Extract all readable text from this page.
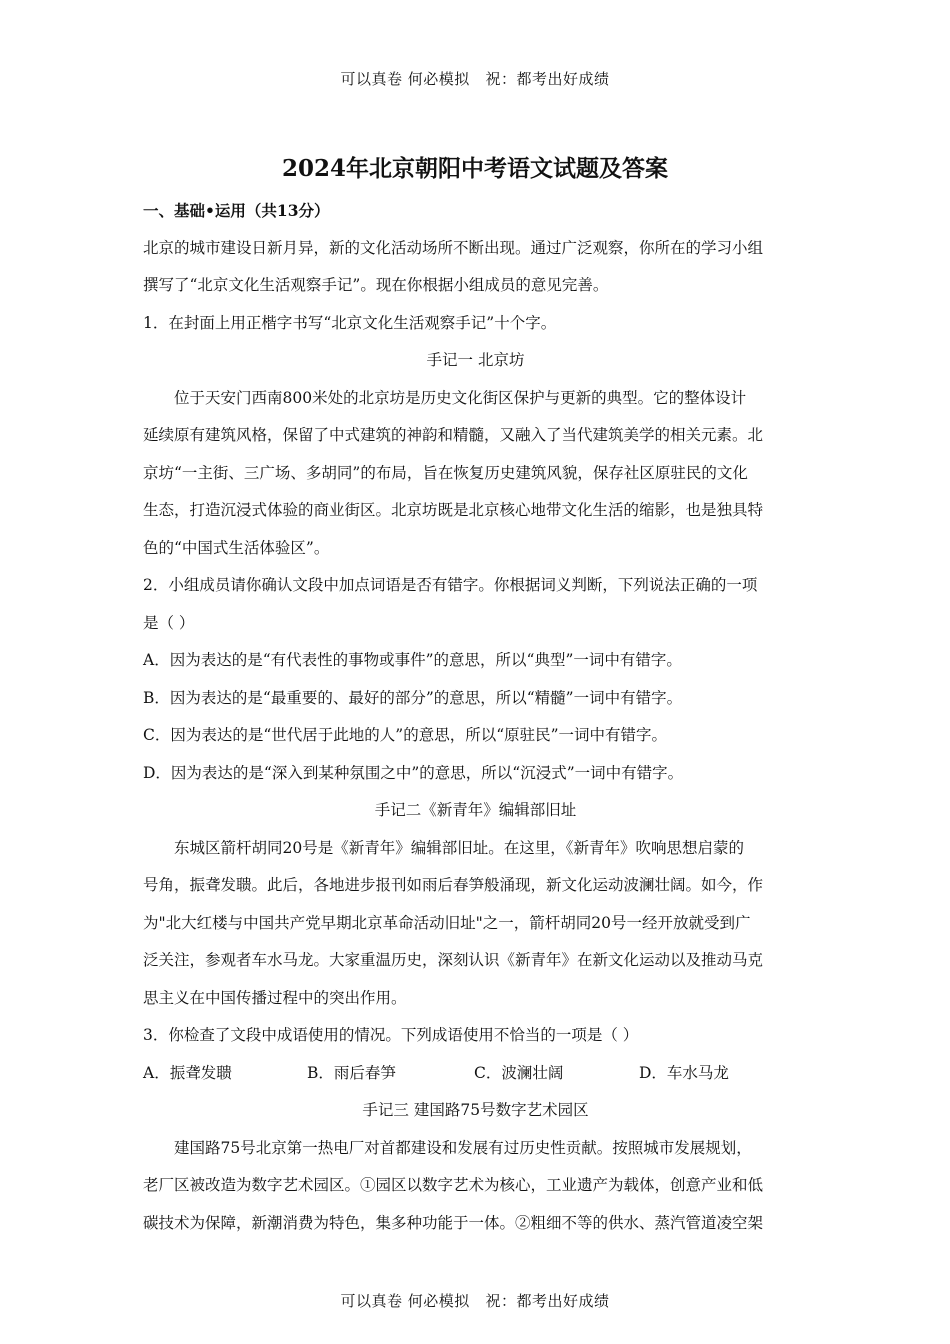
可以真卷 何必模拟   祝：都考出好成绩
2024年北京朝阳中考语文试题及答案
一、基础•运用（共13分）
北京的城市建设日新月异，新的文化活动场所不断出现。通过广泛观察，你所在的学习小组
撰写了“北京文化生活观察手记”。现在你根据小组成员的意见完善。
1．在封面上用正楷字书写“北京文化生活观察手记”十个字。
手记一 北京坊
位于天安门西南800米处的北京坊是历史文化街区保护与更新的典型。它的整体设计
延续原有建筑风格，保留了中式建筑的神韵和精髓，又融入了当代建筑美学的相关元素。北
京坊“一主街、三广场、多胡同”的布局，旨在恢复历史建筑风貌，保存社区原驻民的文化
生态，打造沉浸式体验的商业街区。北京坊既是北京核心地带文化生活的缩影，也是独具特
色的“中国式生活体验区”。
2．小组成员请你确认文段中加点词语是否有错字。你根据词义判断，下列说法正确的一项
是（ ）
A．因为表达的是“有代表性的事物或事件”的意思，所以“典型”一词中有错字。
B．因为表达的是“最重要的、最好的部分”的意思，所以“精髓”一词中有错字。
C．因为表达的是“世代居于此地的人”的意思，所以“原驻民”一词中有错字。
D．因为表达的是“深入到某种氛围之中”的意思，所以“沉浸式”一词中有错字。
手记二《新青年》编辑部旧址
东城区箭杆胡同20号是《新青年》编辑部旧址。在这里，《新青年》吹响思想启蒙的
号角，振聋发聩。此后，各地进步报刊如雨后春笋般涌现，新文化运动波澜壮阔。如今，作
为"北大红楼与中国共产党早期北京革命活动旧址"之一，箭杆胡同20号一经开放就受到广
泛关注，参观者车水马龙。大家重温历史，深刻认识《新青年》在新文化运动以及推动马克
思主义在中国传播过程中的突出作用。
3．你检查了文段中成语使用的情况。下列成语使用不恰当的一项是（ ）
A．振聋发聩	B．雨后春笋	C．波澜壮阔	D．车水马龙
手记三 建国路75号数字艺术园区
建国路75号北京第一热电厂对首都建设和发展有过历史性贡献。按照城市发展规划，
老厂区被改造为数字艺术园区。①园区以数字艺术为核心，工业遗产为载体，创意产业和低
碳技术为保障，新潮消费为特色，集多种功能于一体。②粗细不等的供水、蒸汽管道凌空架
可以真卷 何必模拟   祝：都考出好成绩
